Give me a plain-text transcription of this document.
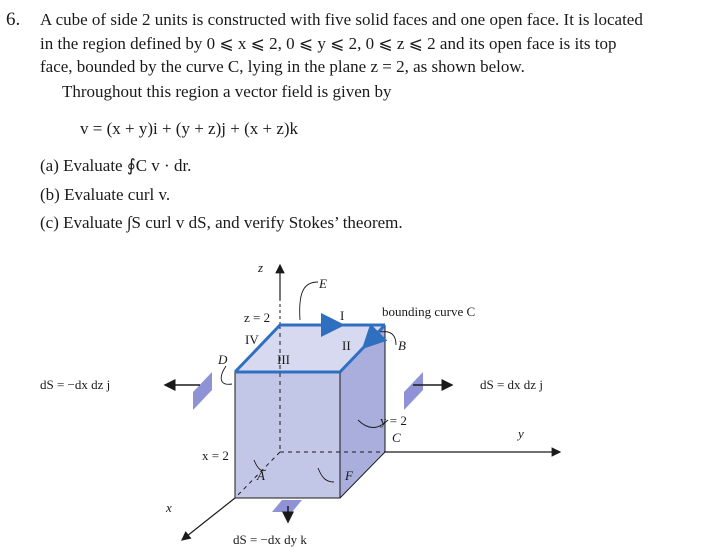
6. A cube of side 2 units is constructed with five solid faces and one open face. It is located
in the region defined by 0 ⩽ x ⩽ 2, 0 ⩽ y ⩽ 2, 0 ⩽ z ⩽ 2 and its open face is its top
face, bounded by the curve C, lying in the plane z = 2, as shown below.
Throughout this region a vector field is given by
v = (x + y)i + (y + z)j + (x + z)k
(a) Evaluate ∮C v · dr.
(b) Evaluate curl v.
(c) Evaluate ∫S curl v dS, and verify Stokes’ theorem.
z
x
y
z = 2
x = 2
y = 2
E
D
B
C
A	F
I
II
III
IV
bounding curve C
dS = −dx dz j	dS = dx dz j
dS = −dx dy k
